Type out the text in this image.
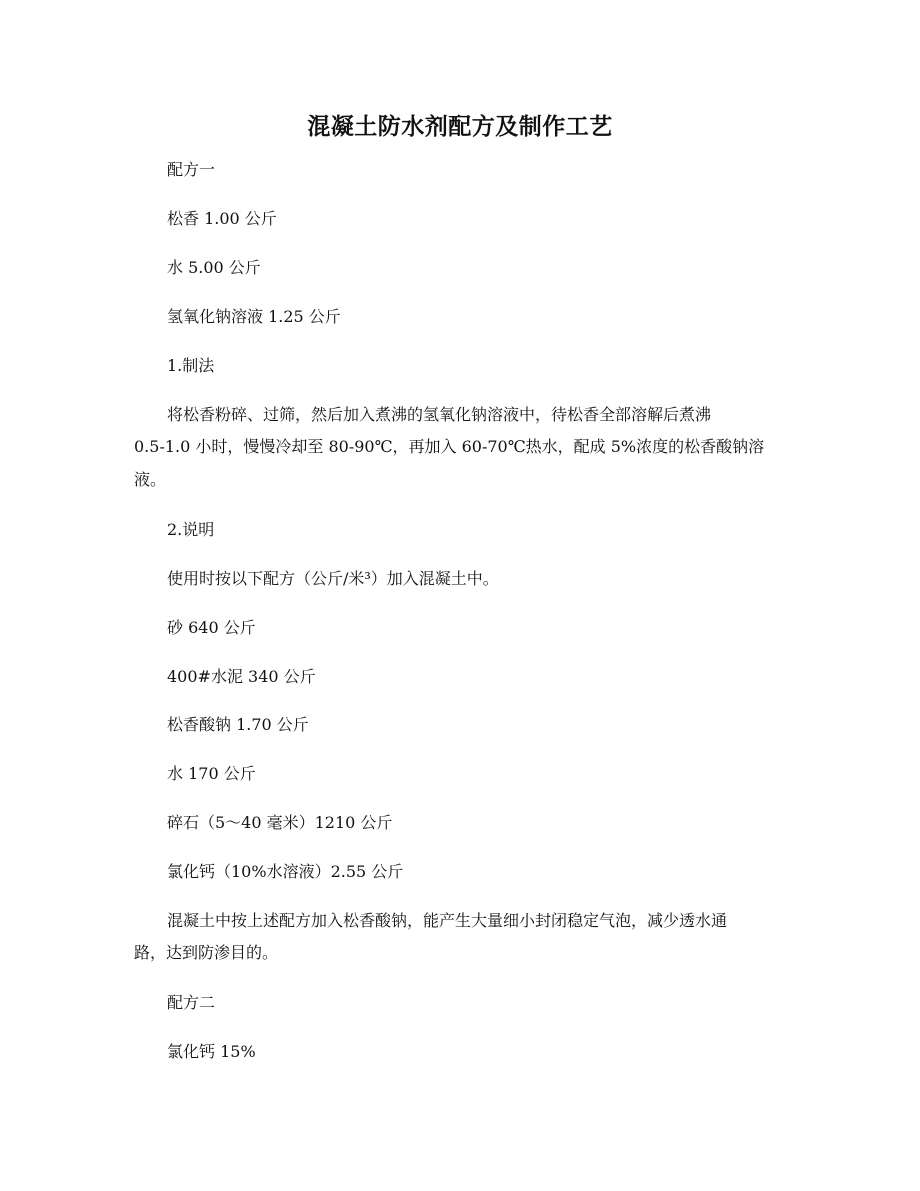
混凝土防水剂配方及制作工艺

配方一

松香 1.00 公斤

水 5.00 公斤

氢氧化钠溶液 1.25 公斤

1.制法

将松香粉碎、过筛，然后加入煮沸的氢氧化钠溶液中，待松香全部溶解后煮沸

0.5-1.0 小时，慢慢冷却至 80-90℃，再加入 60-70℃热水，配成 5%浓度的松香酸钠溶

液。

2.说明

使用时按以下配方（公斤/米³）加入混凝土中。

砂 640 公斤

400#水泥 340 公斤

松香酸钠 1.70 公斤

水 170 公斤

碎石（5～40 毫米）1210 公斤

氯化钙（10%水溶液）2.55 公斤

混凝土中按上述配方加入松香酸钠，能产生大量细小封闭稳定气泡，减少透水通

路，达到防渗目的。

配方二

氯化钙 15%
